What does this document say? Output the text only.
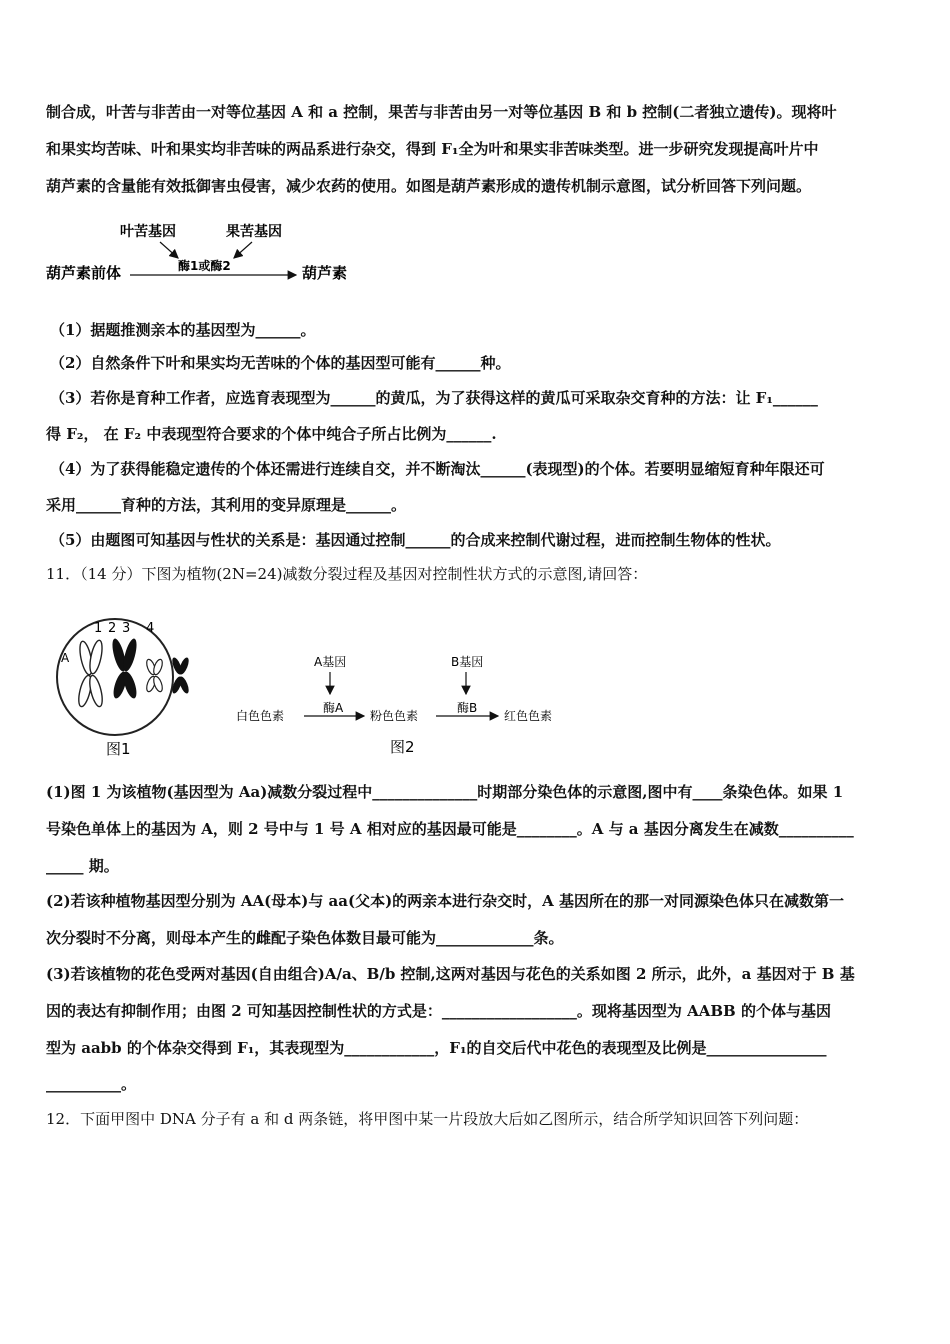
制合成，叶苦与非苦由一对等位基因 A 和 a 控制，果苦与非苦由另一对等位基因 B 和 b 控制(二者独立遗传)。现将叶
和果实均苦味、叶和果实均非苦味的两品系进行杂交，得到 F₁全为叶和果实非苦味类型。进一步研究发现提高叶片中
葫芦素的含量能有效抵御害虫侵害，减少农药的使用。如图是葫芦素形成的遗传机制示意图，试分析回答下列问题。
叶苦基因	果苦基因
酶1或酶2
葫芦素前体	葫芦素
（1）据题推测亲本的基因型为______。
（2）自然条件下叶和果实均无苦味的个体的基因型可能有______种。
（3）若你是育种工作者，应选育表现型为______的黄瓜，为了获得这样的黄瓜可采取杂交育种的方法：让 F₁______
得 F₂， 在 F₂ 中表现型符合要求的个体中纯合子所占比例为______.
（4）为了获得能稳定遗传的个体还需进行连续自交，并不断淘汰______(表现型)的个体。若要明显缩短育种年限还可
采用______育种的方法，其利用的变异原理是______。
（5）由题图可知基因与性状的关系是：基因通过控制______的合成来控制代谢过程，进而控制生物体的性状。
11．（14 分）下图为植物(2N=24)减数分裂过程及基因对控制性状方式的示意图,请回答：
1 2 3 4
A
图1
A基因	B基因
酶A	酶B
白色色素	粉色色素	红色色素
图2
(1)图 1 为该植物(基因型为 Aa)减数分裂过程中______________时期部分染色体的示意图,图中有____条染色体。如果 1
号染色单体上的基因为 A，则 2 号中与 1 号 A 相对应的基因最可能是________。A 与 a 基因分离发生在减数__________
_____ 期。
(2)若该种植物基因型分别为 AA(母本)与 aa(父本)的两亲本进行杂交时，A 基因所在的那一对同源染色体只在减数第一
次分裂时不分离，则母本产生的雌配子染色体数目最可能为_____________条。
(3)若该植物的花色受两对基因(自由组合)A/a、B/b 控制,这两对基因与花色的关系如图 2 所示，此外，a 基因对于 B 基
因的表达有抑制作用；由图 2 可知基因控制性状的方式是：__________________。现将基因型为 AABB 的个体与基因
型为 aabb 的个体杂交得到 F₁，其表现型为____________，F₁的自交后代中花色的表现型及比例是________________
__________。
12．下面甲图中 DNA 分子有 a 和 d 两条链，将甲图中某一片段放大后如乙图所示，结合所学知识回答下列问题：
